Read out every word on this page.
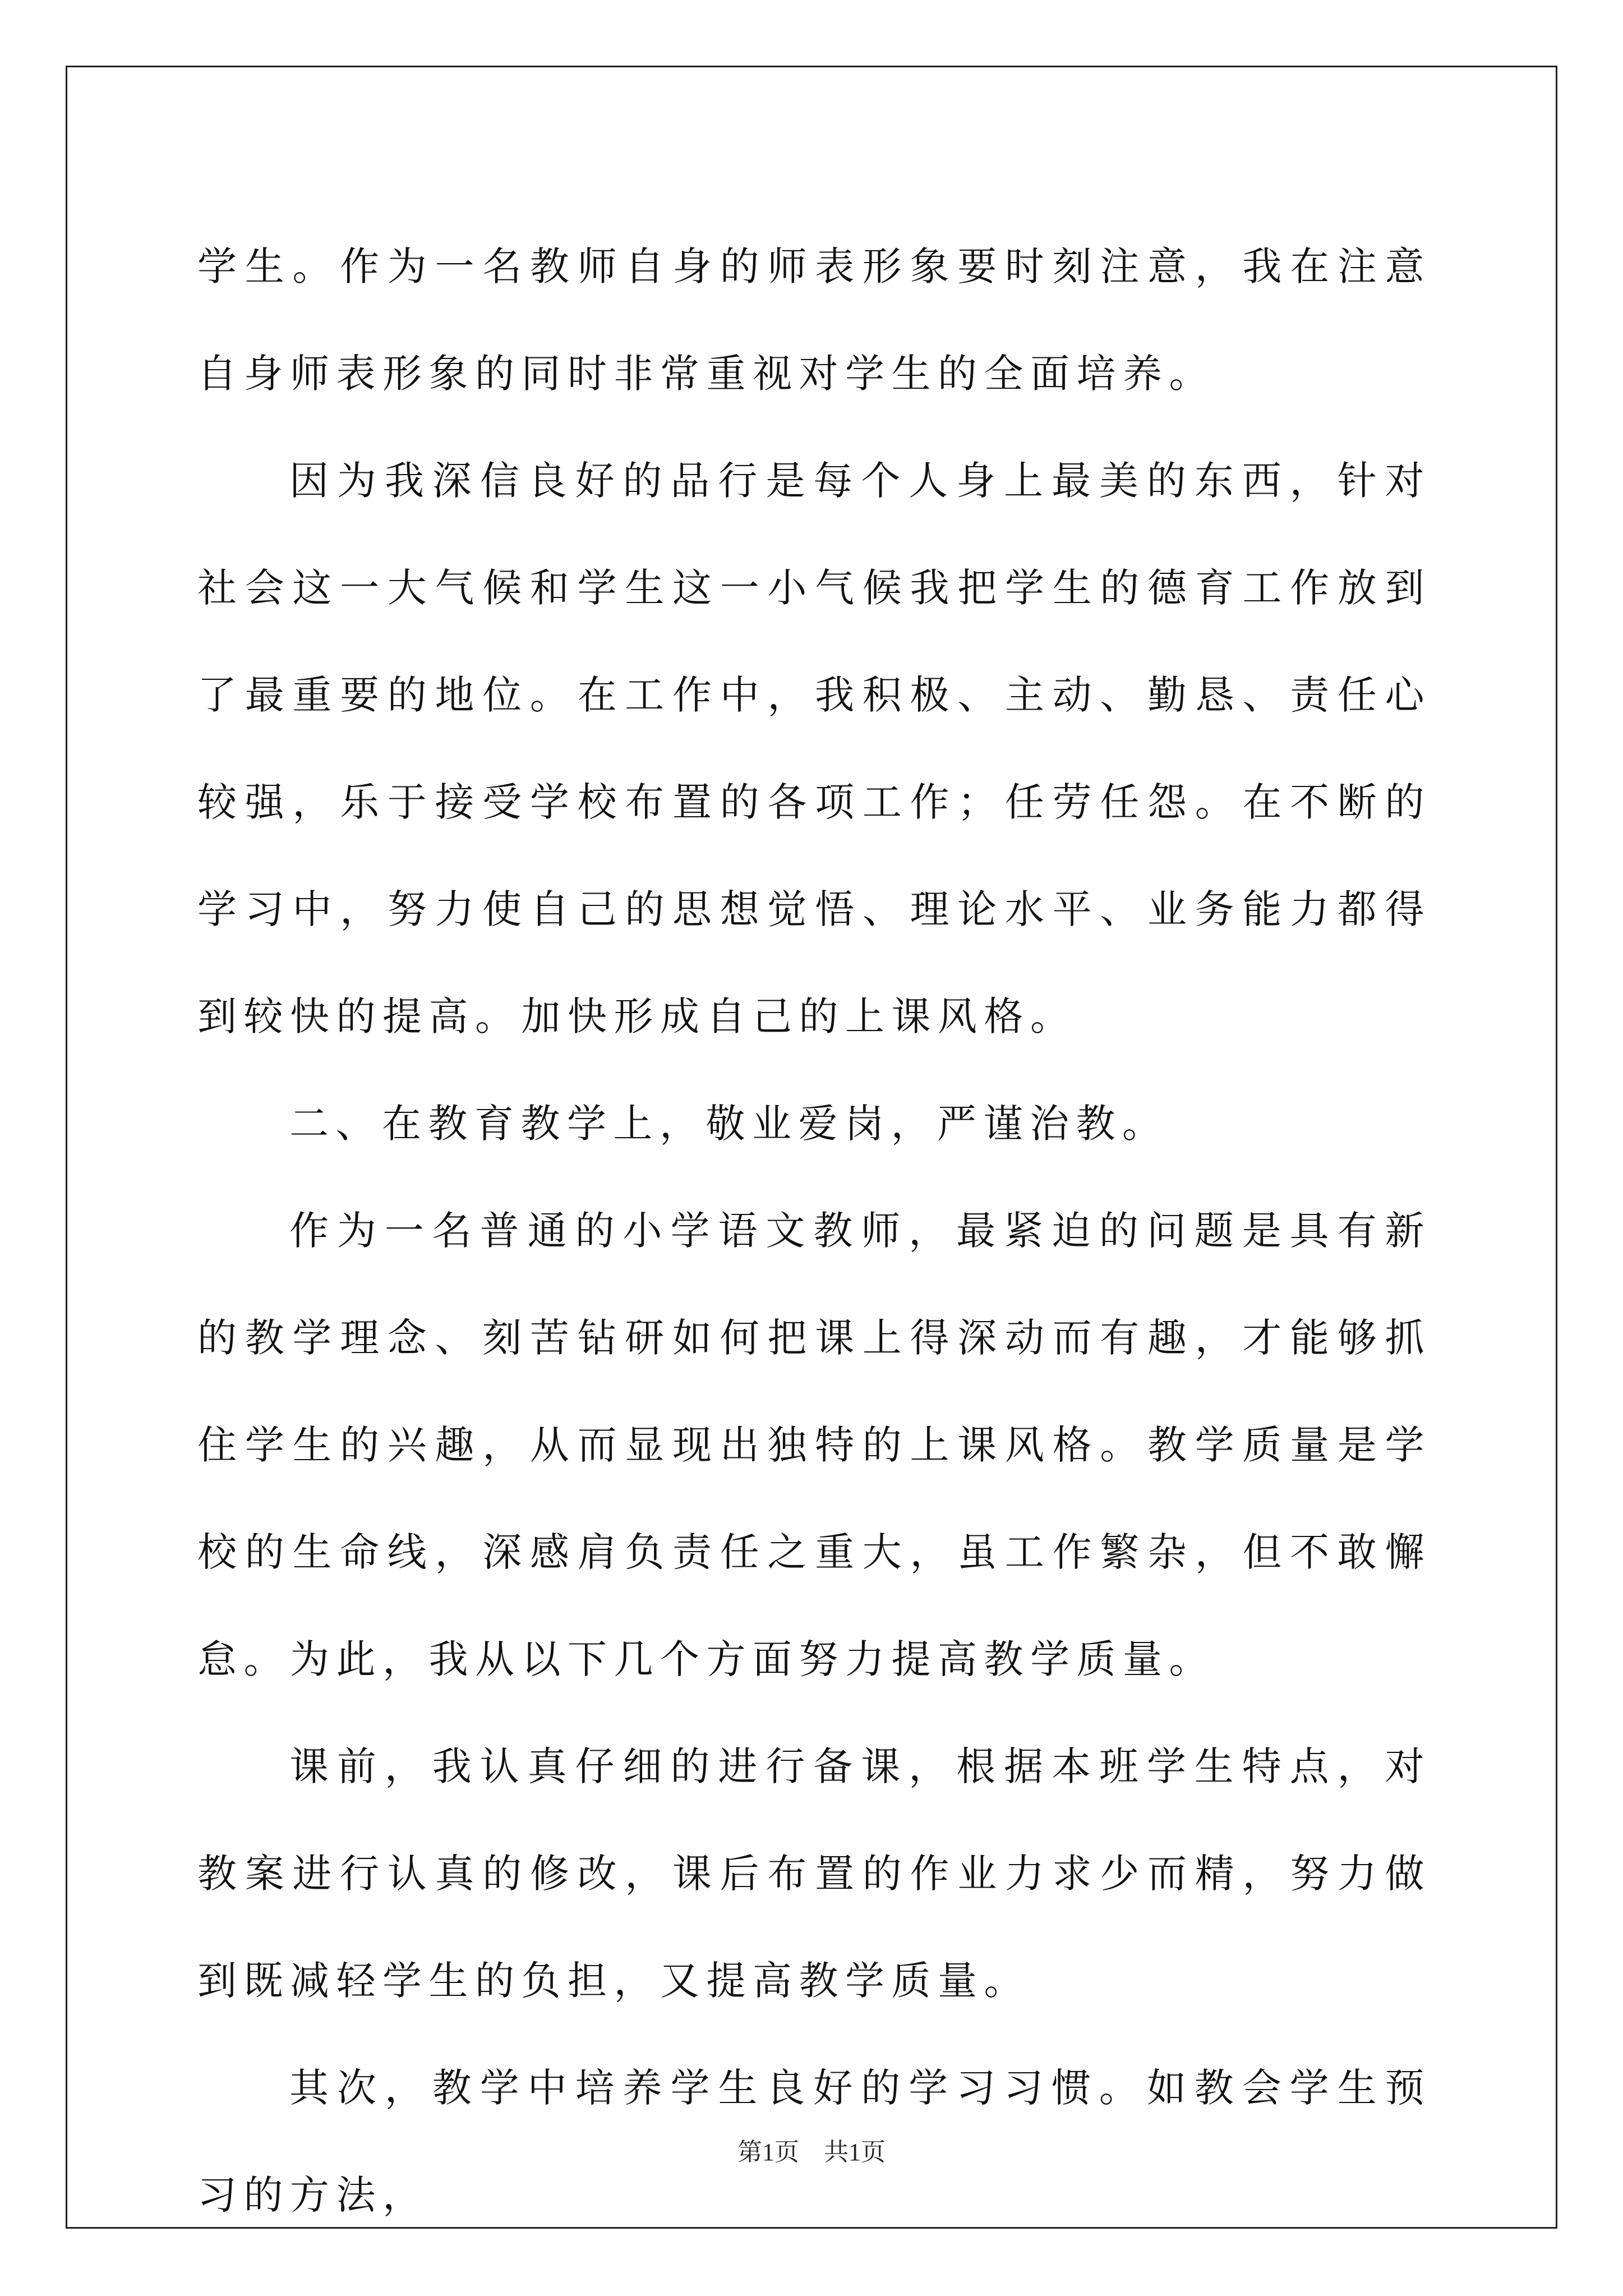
学生。作为一名教师自身的师表形象要时刻注意，我在注意自身师表形象的同时非常重视对学生的全面培养。

因为我深信良好的品行是每个人身上最美的东西，针对社会这一大气候和学生这一小气候我把学生的德育工作放到了最重要的地位。在工作中，我积极、主动、勤恳、责任心较强，乐于接受学校布置的各项工作；任劳任怨。在不断的学习中，努力使自己的思想觉悟、理论水平、业务能力都得到较快的提高。加快形成自己的上课风格。

二、在教育教学上，敬业爱岗，严谨治教。

作为一名普通的小学语文教师，最紧迫的问题是具有新的教学理念、刻苦钻研如何把课上得深动而有趣，才能够抓住学生的兴趣，从而显现出独特的上课风格。教学质量是学校的生命线，深感肩负责任之重大，虽工作繁杂，但不敢懈怠。为此，我从以下几个方面努力提高教学质量。

课前，我认真仔细的进行备课，根据本班学生特点，对教案进行认真的修改，课后布置的作业力求少而精，努力做到既减轻学生的负担，又提高教学质量。

其次，教学中培养学生良好的学习习惯。如教会学生预习的方法，

第1页　共1页
